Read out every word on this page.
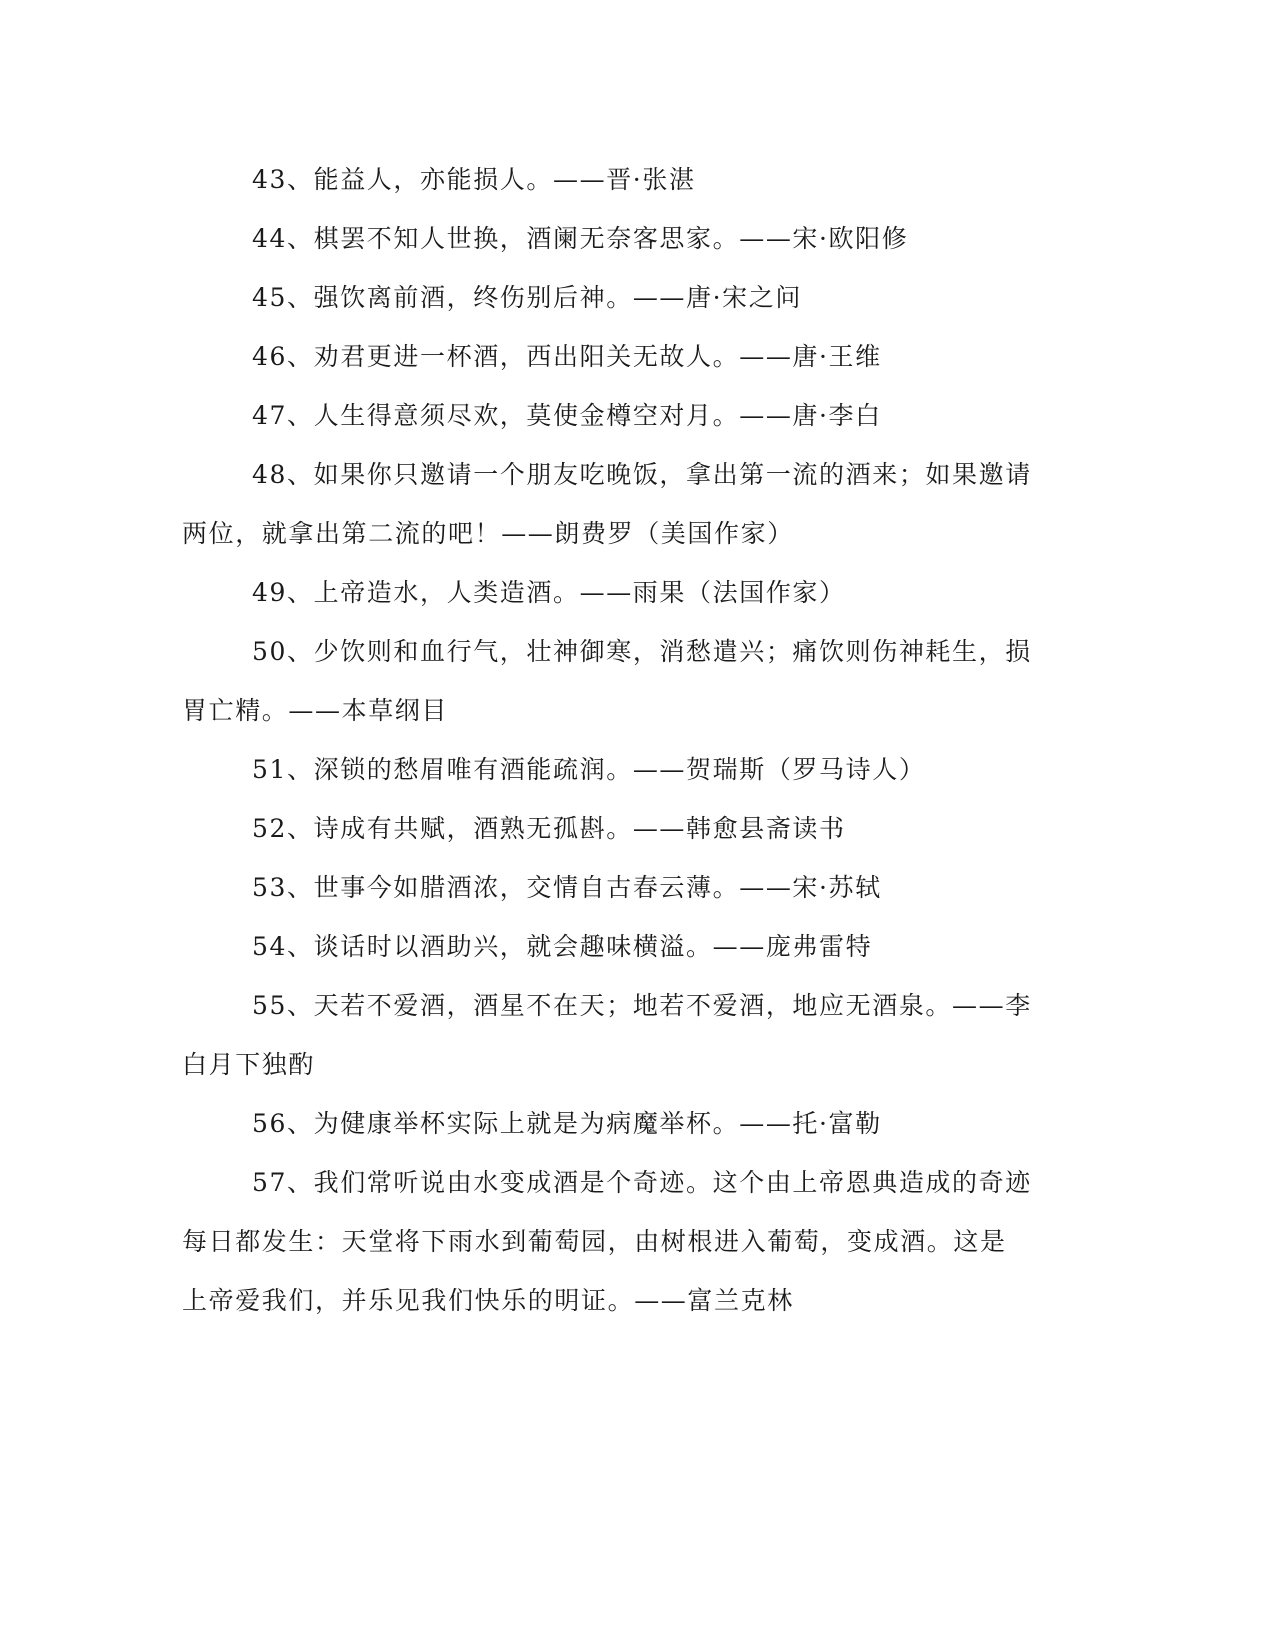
43、能益人，亦能损人。——晋·张湛

44、棋罢不知人世换，酒阑无奈客思家。——宋·欧阳修

45、强饮离前酒，终伤别后神。——唐·宋之问

46、劝君更进一杯酒，西出阳关无故人。——唐·王维

47、人生得意须尽欢，莫使金樽空对月。——唐·李白

48、如果你只邀请一个朋友吃晚饭，拿出第一流的酒来；如果邀请两位，就拿出第二流的吧！——朗费罗（美国作家）

49、上帝造水，人类造酒。——雨果（法国作家）

50、少饮则和血行气，壮神御寒，消愁遣兴；痛饮则伤神耗生，损胃亡精。——本草纲目

51、深锁的愁眉唯有酒能疏润。——贺瑞斯（罗马诗人）

52、诗成有共赋，酒熟无孤斟。——韩愈县斋读书

53、世事今如腊酒浓，交情自古春云薄。——宋·苏轼

54、谈话时以酒助兴，就会趣味横溢。——庞弗雷特

55、天若不爱酒，酒星不在天；地若不爱酒，地应无酒泉。——李白月下独酌

56、为健康举杯实际上就是为病魔举杯。——托·富勒

57、我们常听说由水变成酒是个奇迹。这个由上帝恩典造成的奇迹每日都发生：天堂将下雨水到葡萄园，由树根进入葡萄，变成酒。这是上帝爱我们，并乐见我们快乐的明证。——富兰克林
